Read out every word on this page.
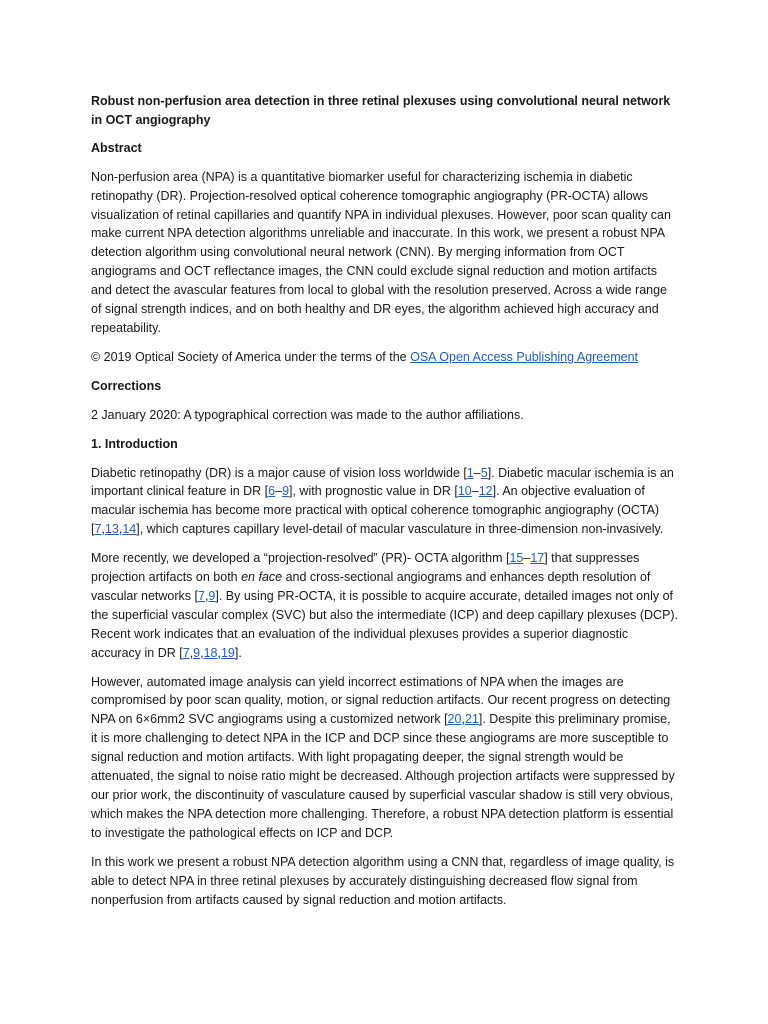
Robust non-perfusion area detection in three retinal plexuses using convolutional neural network in OCT angiography
Abstract

Non-perfusion area (NPA) is a quantitative biomarker useful for characterizing ischemia in diabetic retinopathy (DR). Projection-resolved optical coherence tomographic angiography (PR-OCTA) allows visualization of retinal capillaries and quantify NPA in individual plexuses. However, poor scan quality can make current NPA detection algorithms unreliable and inaccurate. In this work, we present a robust NPA detection algorithm using convolutional neural network (CNN). By merging information from OCT angiograms and OCT reflectance images, the CNN could exclude signal reduction and motion artifacts and detect the avascular features from local to global with the resolution preserved. Across a wide range of signal strength indices, and on both healthy and DR eyes, the algorithm achieved high accuracy and repeatability.

© 2019 Optical Society of America under the terms of the OSA Open Access Publishing Agreement

Corrections

2 January 2020: A typographical correction was made to the author affiliations.

1. Introduction

Diabetic retinopathy (DR) is a major cause of vision loss worldwide [1–5]. Diabetic macular ischemia is an important clinical feature in DR [6–9], with prognostic value in DR [10–12]. An objective evaluation of macular ischemia has become more practical with optical coherence tomographic angiography (OCTA) [7,13,14], which captures capillary level-detail of macular vasculature in three-dimension non-invasively.

More recently, we developed a “projection-resolved” (PR)- OCTA algorithm [15–17] that suppresses projection artifacts on both en face and cross-sectional angiograms and enhances depth resolution of vascular networks [7,9]. By using PR-OCTA, it is possible to acquire accurate, detailed images not only of the superficial vascular complex (SVC) but also the intermediate (ICP) and deep capillary plexuses (DCP). Recent work indicates that an evaluation of the individual plexuses provides a superior diagnostic accuracy in DR [7,9,18,19].

However, automated image analysis can yield incorrect estimations of NPA when the images are compromised by poor scan quality, motion, or signal reduction artifacts. Our recent progress on detecting NPA on 6×6mm2 SVC angiograms using a customized network [20,21]. Despite this preliminary promise, it is more challenging to detect NPA in the ICP and DCP since these angiograms are more susceptible to signal reduction and motion artifacts. With light propagating deeper, the signal strength would be attenuated, the signal to noise ratio might be decreased. Although projection artifacts were suppressed by our prior work, the discontinuity of vasculature caused by superficial vascular shadow is still very obvious, which makes the NPA detection more challenging. Therefore, a robust NPA detection platform is essential to investigate the pathological effects on ICP and DCP.

In this work we present a robust NPA detection algorithm using a CNN that, regardless of image quality, is able to detect NPA in three retinal plexuses by accurately distinguishing decreased flow signal from nonperfusion from artifacts caused by signal reduction and motion artifacts.
